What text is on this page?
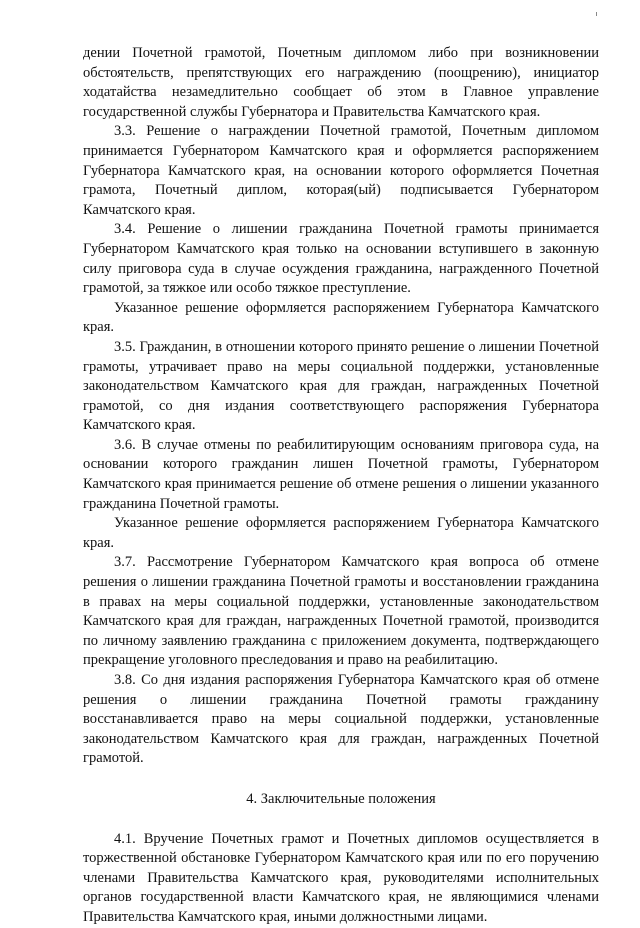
дении Почетной грамотой, Почетным дипломом либо при возникновении обстоятельств, препятствующих его награждению (поощрению), инициатор ходатайства незамедлительно сообщает об этом в Главное управление государственной службы Губернатора и Правительства Камчатского края.

3.3. Решение о награждении Почетной грамотой, Почетным дипломом принимается Губернатором Камчатского края и оформляется распоряжением Губернатора Камчатского края, на основании которого оформляется Почетная грамота, Почетный диплом, которая(ый) подписывается Губернатором Камчатского края.

3.4. Решение о лишении гражданина Почетной грамоты принимается Губернатором Камчатского края только на основании вступившего в законную силу приговора суда в случае осуждения гражданина, награжденного Почетной грамотой, за тяжкое или особо тяжкое преступление.

Указанное решение оформляется распоряжением Губернатора Камчатского края.

3.5. Гражданин, в отношении которого принято решение о лишении Почетной грамоты, утрачивает право на меры социальной поддержки, установленные законодательством Камчатского края для граждан, награжденных Почетной грамотой, со дня издания соответствующего распоряжения Губернатора Камчатского края.

3.6. В случае отмены по реабилитирующим основаниям приговора суда, на основании которого гражданин лишен Почетной грамоты, Губернатором Камчатского края принимается решение об отмене решения о лишении указанного гражданина Почетной грамоты.

Указанное решение оформляется распоряжением Губернатора Камчатского края.

3.7. Рассмотрение Губернатором Камчатского края вопроса об отмене решения о лишении гражданина Почетной грамоты и восстановлении гражданина в правах на меры социальной поддержки, установленные законодательством Камчатского края для граждан, награжденных Почетной грамотой, производится по личному заявлению гражданина с приложением документа, подтверждающего прекращение уголовного преследования и право на реабилитацию.

3.8. Со дня издания распоряжения Губернатора Камчатского края об отмене решения о лишении гражданина Почетной грамоты гражданину восстанавливается право на меры социальной поддержки, установленные законодательством Камчатского края для граждан, награжденных Почетной грамотой.

4. Заключительные положения

4.1. Вручение Почетных грамот и Почетных дипломов осуществляется в торжественной обстановке Губернатором Камчатского края или по его поручению членами Правительства Камчатского края, руководителями исполнительных органов государственной власти Камчатского края, не являющимися членами Правительства Камчатского края, иными должностными лицами.
